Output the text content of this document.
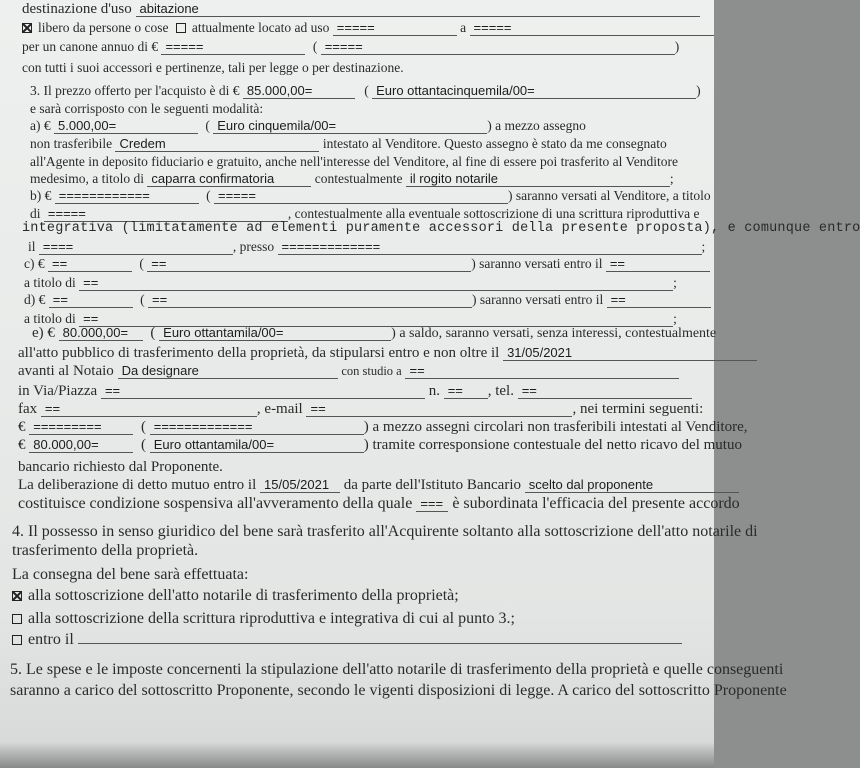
destinazione d'uso abitazione
libero da persone o cose attualmente locato ad uso =====	a =====
per un canone annuo di € =====	( =====	)
con tutti i suoi accessori e pertinenze, tali per legge o per destinazione.
3. Il prezzo offerto per l'acquisto è di € 85.000,00=	( Euro ottantacinquemila/00=	)
e sarà corrisposto con le seguenti modalità:
a) € 5.000,00=	( Euro cinquemila/00=	) a mezzo assegno
non trasferibile Credem	intestato al Venditore. Questo assegno è stato da me consegnato
all'Agente in deposito fiduciario e gratuito, anche nell'interesse del Venditore, al fine di essere poi trasferito al Venditore
medesimo, a titolo di caparra confirmatoria	contestualmente il rogito notarile	;
b) € ============	( =====	) saranno versati al Venditore, a titolo
di =====	, contestualmente alla eventuale sottoscrizione di una scrittura riproduttiva e
integrativa (limitatamente ad elementi puramente accessori della presente proposta), e comunque entro
il ====	, presso =============	;
c) € ==	( ==	) saranno versati entro il ==
a titolo di ==	;
d) € ==	( ==	) saranno versati entro il ==
a titolo di ==	;
e) € 80.000,00= ( Euro ottantamila/00=	) a saldo, saranno versati, senza interessi, contestualmente
all'atto pubblico di trasferimento della proprietà, da stipularsi entro e non oltre il 31/05/2021
avanti al Notaio Da designare	con studio a ==
in Via/Piazza ==	n. == , tel. ==
fax ==	, e-mail ==	, nei termini seguenti:
€ =========	( =============	) a mezzo assegni circolari non trasferibili intestati al Venditore,
€ 80.000,00=	( Euro ottantamila/00=	) tramite corresponsione contestuale del netto ricavo del mutuo
bancario richiesto dal Proponente.
La deliberazione di detto mutuo entro il 15/05/2021 da parte dell'Istituto Bancario scelto dal proponente
costituisce condizione sospensiva all'avveramento della quale === è subordinata l'efficacia del presente accordo
4. Il possesso in senso giuridico del bene sarà trasferito all'Acquirente soltanto alla sottoscrizione dell'atto notarile di
trasferimento della proprietà.
La consegna del bene sarà effettuata:
alla sottoscrizione dell'atto notarile di trasferimento della proprietà;
alla sottoscrizione della scrittura riproduttiva e integrativa di cui al punto 3.;
entro il
5. Le spese e le imposte concernenti la stipulazione dell'atto notarile di trasferimento della proprietà e quelle conseguenti
saranno a carico del sottoscritto Proponente, secondo le vigenti disposizioni di legge. A carico del sottoscritto Proponente
